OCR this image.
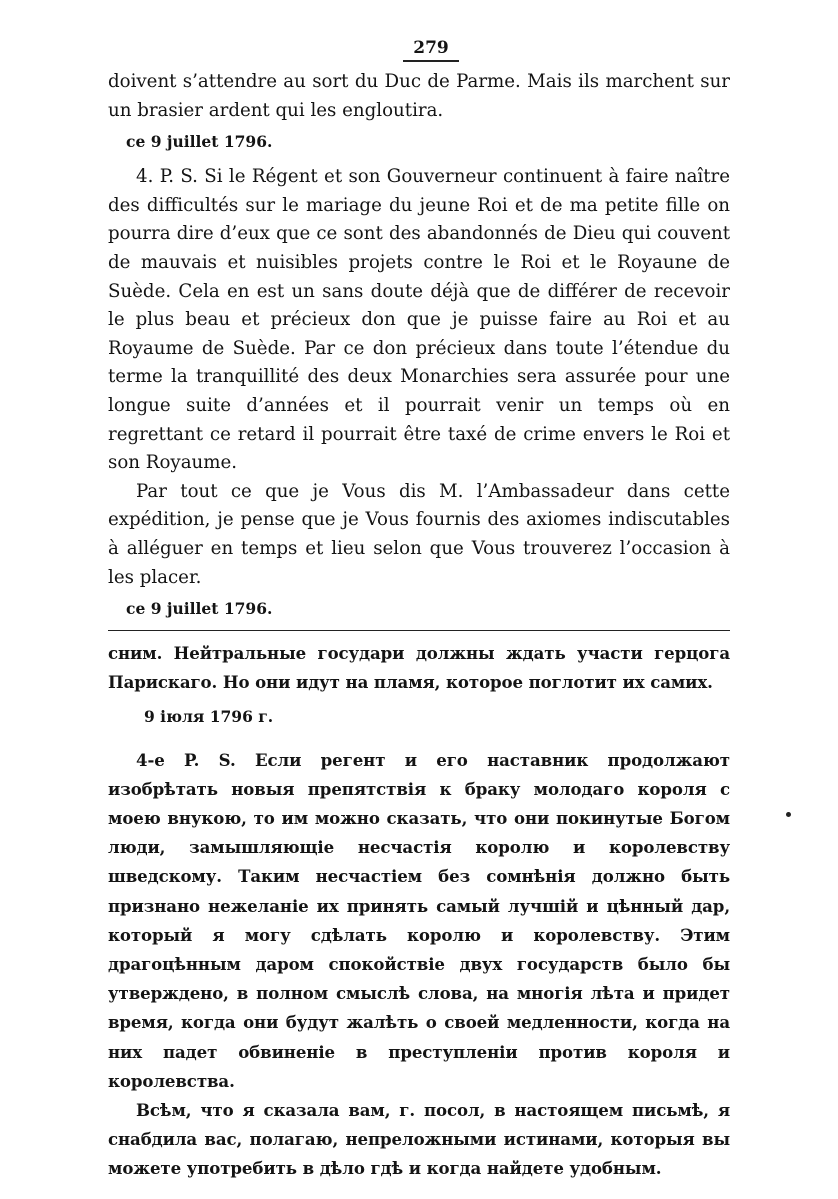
279

doivent s’attendre au sort du Duc de Parme. Mais ils marchent sur un brasier ardent qui les engloutira.

ce 9 juillet 1796.

4. P. S. Si le Régent et son Gouverneur continuent à faire naître des difficultés sur le mariage du jeune Roi et de ma petite fille on pourra dire d’eux que ce sont des abandonnés de Dieu qui couvent de mauvais et nuisibles projets contre le Roi et le Royaune de Suède. Cela en est un sans doute déjà que de différer de recevoir le plus beau et précieux don que je puisse faire au Roi et au Royaume de Suède. Par ce don précieux dans toute l’étendue du terme la tranquillité des deux Monarchies sera assurée pour une longue suite d’années et il pourrait venir un temps où en regrettant ce retard il pourrait être taxé de crime envers le Roi et son Royaume.

Par tout ce que je Vous dis M. l’Ambassadeur dans cette expédition, je pense que je Vous fournis des axiomes indiscutables à alléguer en temps et lieu selon que Vous trouverez l’occasion à les placer.

ce 9 juillet 1796.

сним. Нейтральные государи должны ждать участи герцога Парискаго. Но они идут на пламя, которое поглотит их самих.

9 іюля 1796 г.

4-е P. S. Если регент и его наставник продолжают изобрѣтать новыя препятствія к браку молодаго короля с моею внукою, то им можно сказать, что они покинутые Богом люди, замышляющіе несчастія королю и королевству шведскому. Таким несчастіем без сомнѣнія должно быть признано нежеланіе их принять самый лучшій и цѣнный дар, который я могу сдѣлать королю и королевству. Этим драгоцѣнным даром спокойствіе двух государств было бы утверждено, в полном смыслѣ слова, на многія лѣта и придет время, когда они будут жалѣть о своей медленности, когда на них падет обвиненіе в преступленіи против короля и королевства.

Всѣм, что я сказала вам, г. посол, в настоящем письмѣ, я снабдила вас, полагаю, непреложными истинами, которыя вы можете употребить в дѣло гдѣ и когда найдете удобным.
